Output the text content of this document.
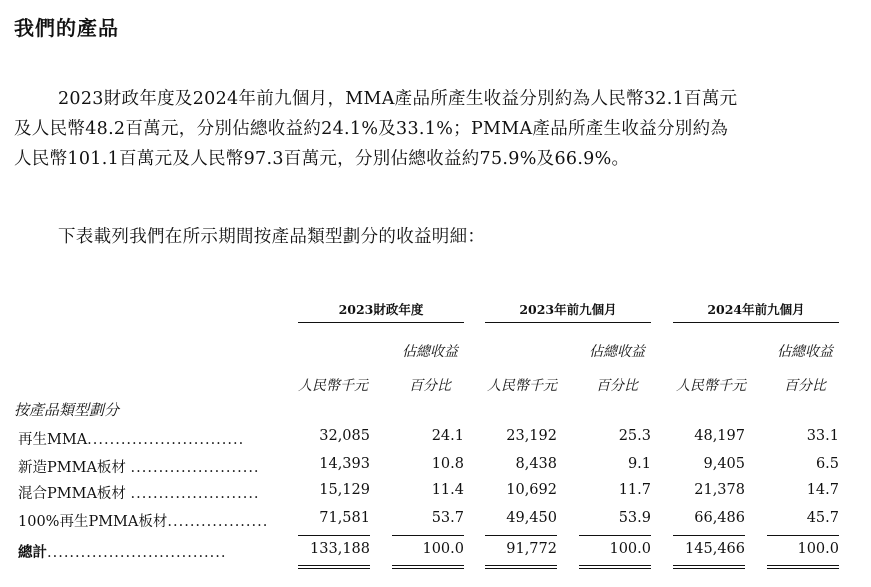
我們的產品
2023財政年度及2024年前九個月，MMA產品所產生收益分別約為人民幣32.1百萬元
及人民幣48.2百萬元，分別佔總收益約24.1%及33.1%；PMMA產品所產生收益分別約為
人民幣101.1百萬元及人民幣97.3百萬元，分別佔總收益約75.9%及66.9%。
下表載列我們在所示期間按產品類型劃分的收益明細：
2023財政年度	2023年前九個月	2024年前九個月
佔總收益	佔總收益	佔總收益
人民幣千元	百分比	人民幣千元	百分比	人民幣千元	百分比
按產品類型劃分
再生MMA............................	32,085	24.1	23,192	25.3	48,197	33.1
新造PMMA板材 .......................	14,393	10.8	8,438	9.1	9,405	6.5
混合PMMA板材 .......................	15,129	11.4	10,692	11.7	21,378	14.7
100%再生PMMA板材..................	71,581	53.7	49,450	53.9	66,486	45.7
總計................................	133,188	100.0	91,772	100.0	145,466	100.0
